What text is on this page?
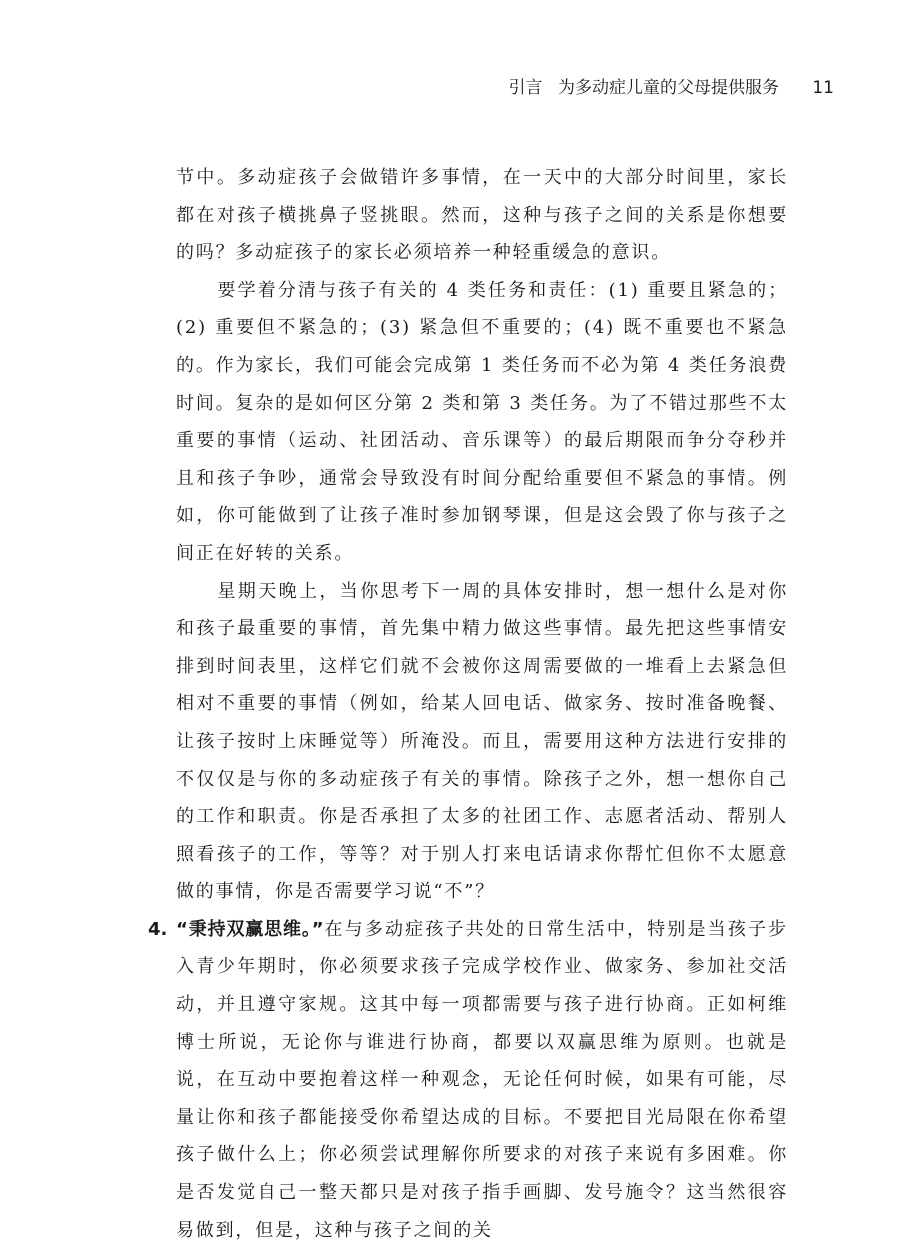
引言 为多动症儿童的父母提供服务 11

节中。多动症孩子会做错许多事情，在一天中的大部分时间里，家长都在对孩子横挑鼻子竖挑眼。然而，这种与孩子之间的关系是你想要的吗？多动症孩子的家长必须培养一种轻重缓急的意识。

要学着分清与孩子有关的 4 类任务和责任：(1) 重要且紧急的；(2) 重要但不紧急的；(3) 紧急但不重要的；(4) 既不重要也不紧急的。作为家长，我们可能会完成第 1 类任务而不必为第 4 类任务浪费时间。复杂的是如何区分第 2 类和第 3 类任务。为了不错过那些不太重要的事情（运动、社团活动、音乐课等）的最后期限而争分夺秒并且和孩子争吵，通常会导致没有时间分配给重要但不紧急的事情。例如，你可能做到了让孩子准时参加钢琴课，但是这会毁了你与孩子之间正在好转的关系。

星期天晚上，当你思考下一周的具体安排时，想一想什么是对你和孩子最重要的事情，首先集中精力做这些事情。最先把这些事情安排到时间表里，这样它们就不会被你这周需要做的一堆看上去紧急但相对不重要的事情（例如，给某人回电话、做家务、按时准备晚餐、让孩子按时上床睡觉等）所淹没。而且，需要用这种方法进行安排的不仅仅是与你的多动症孩子有关的事情。除孩子之外，想一想你自己的工作和职责。你是否承担了太多的社团工作、志愿者活动、帮别人照看孩子的工作，等等？对于别人打来电话请求你帮忙但你不太愿意做的事情，你是否需要学习说“不”？

4. “秉持双赢思维。”在与多动症孩子共处的日常生活中，特别是当孩子步入青少年期时，你必须要求孩子完成学校作业、做家务、参加社交活动，并且遵守家规。这其中每一项都需要与孩子进行协商。正如柯维博士所说，无论你与谁进行协商，都要以双赢思维为原则。也就是说，在互动中要抱着这样一种观念，无论任何时候，如果有可能，尽量让你和孩子都能接受你希望达成的目标。不要把目光局限在你希望孩子做什么上；你必须尝试理解你所要求的对孩子来说有多困难。你是否发觉自己一整天都只是对孩子指手画脚、发号施令？这当然很容易做到，但是，这种与孩子之间的关
